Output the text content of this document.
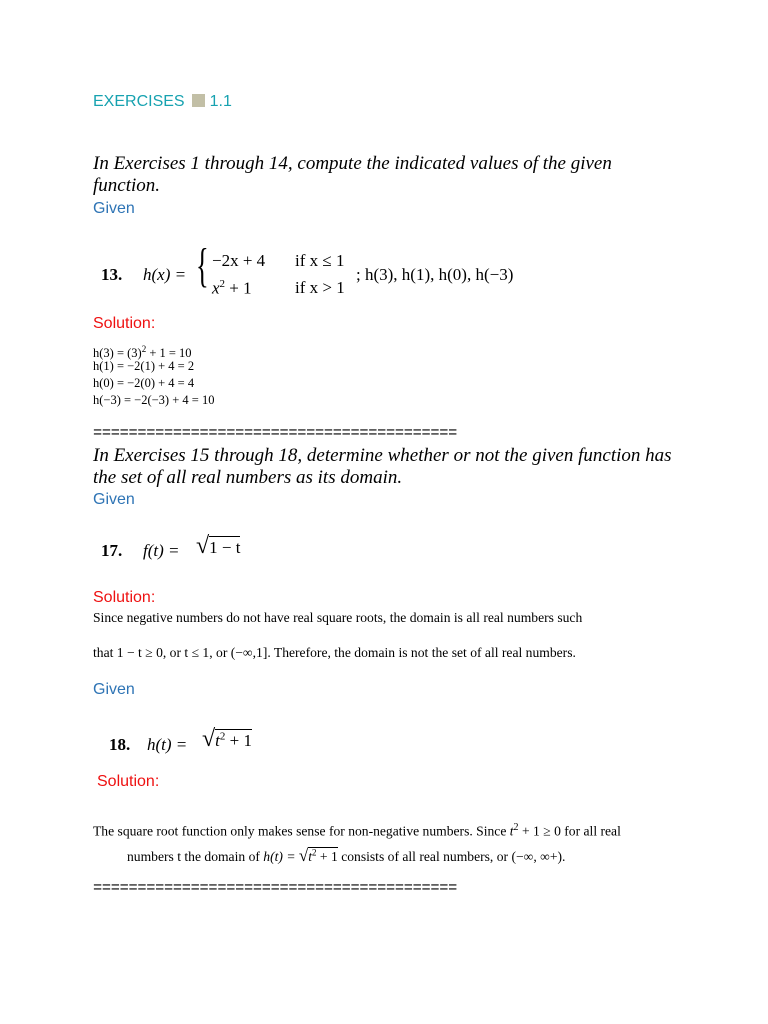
EXERCISES 1.1
In Exercises 1 through 14, compute the indicated values of the given function.
Given
13. h(x) = { −2x + 4 if x ≤ 1
$x^2 + 1$	if x > 1
; h(3), h(1), h(0), h(−3)
Solution:
$h(3) = (3)^2 + 1 = 10$
h(1) = −2(1) + 4 = 2
h(0) = −2(0) + 4 = 4
h(−3) = −2(−3) + 4 = 10
=========================================
In Exercises 15 through 18, determine whether or not the given function has the set of all real numbers as its domain.
Given
17. f(t) = √1 − t
Solution:
Since negative numbers do not have real square roots, the domain is all real numbers such
that 1 − t ≥ 0, or t ≤ 1, or (−∞,1]. Therefore, the domain is not the set of all real numbers.
Given
18. $h(t) = √t^2 + 1$
Solution:
The square root function only makes sense for non-negative numbers. Since $t^2 + 1 \ge 0$ for all real
numbers t the domain of $h(t) = √t^2 + 1$ consists of all real numbers, or (−∞, ∞+).
=========================================
